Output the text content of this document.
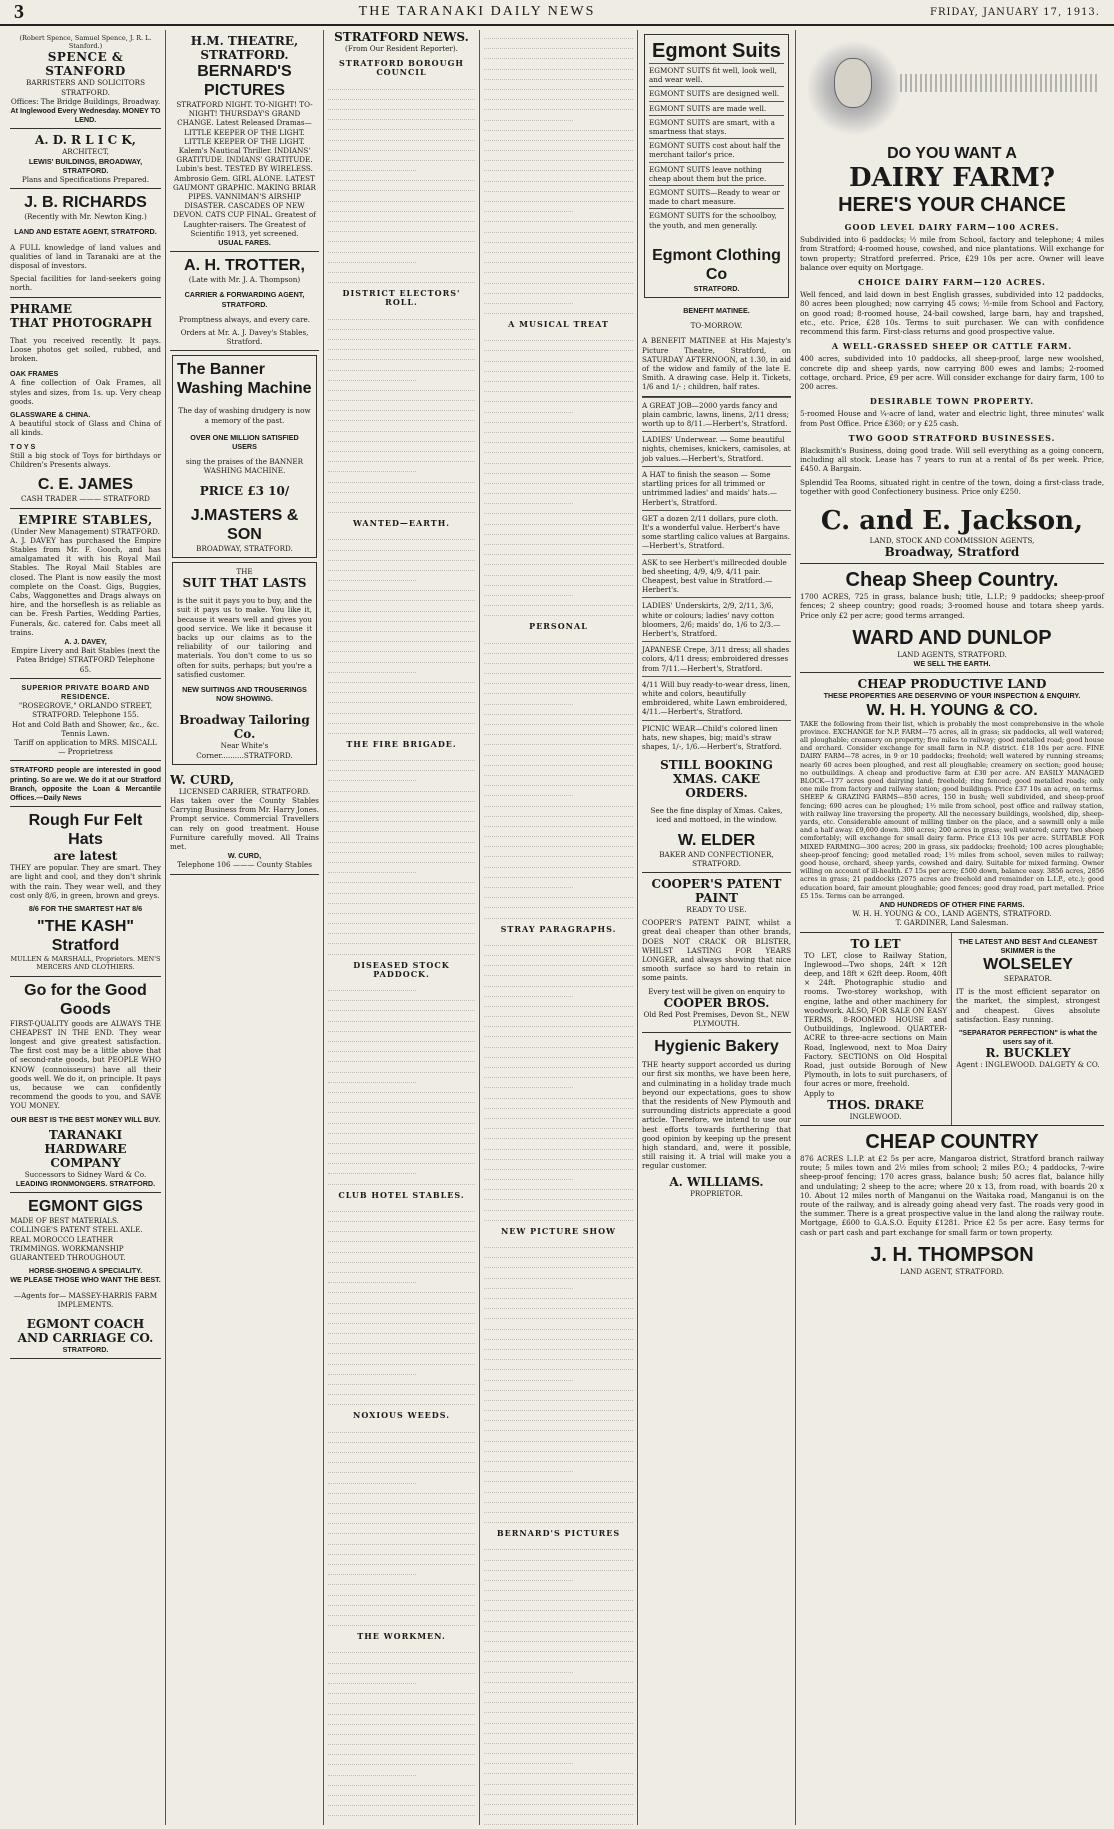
3	THE TARANAKI DAILY NEWS	FRIDAY, JANUARY 17, 1913.
(Robert Spence, Samuel Spence, J. R. L. Stanford.)
SPENCE & STANFORD
BARRISTERS AND SOLICITORS STRATFORD.
Offices: The Bridge Buildings, Broadway.
At Inglewood Every Wednesday. MONEY TO LEND.
A. D. R L I C K,
ARCHITECT,
LEWIS' BUILDINGS, BROADWAY, STRATFORD.
Plans and Specifications Prepared.
J. B. RICHARDS
(Recently with Mr. Newton King.)
LAND AND ESTATE AGENT, STRATFORD.
A FULL knowledge of land values and qualities of land in Taranaki are at the disposal of investors.
Special facilities for land-seekers going north.
PHRAME
THAT PHOTOGRAPH
That you received recently. It pays. Loose photos get soiled, rubbed, and broken.
OAK FRAMES
A fine collection of Oak Frames, all styles and sizes, from 1s. up. Very cheap goods.
GLASSWARE & CHINA.
A beautiful stock of Glass and China of all kinds.
T O Y S
Still a big stock of Toys for birthdays or Children's Presents always.
C. E. JAMES
CASH TRADER ——— STRATFORD
EMPIRE STABLES,
(Under New Management) STRATFORD.
A. J. DAVEY has purchased the Empire Stables from Mr. F. Gooch, and has amalgamated it with his Royal Mail Stables. The Royal Mail Stables are closed. The Plant is now easily the most complete on the Coast. Gigs, Buggies, Cabs, Waggonettes and Drags always on hire, and the horseflesh is as reliable as can be. Fresh Parties, Wedding Parties, Funerals, &c. catered for. Cabs meet all trains.
A. J. DAVEY,
Empire Livery and Bait Stables (next the Patea Bridge) STRATFORD Telephone 65.
SUPERIOR PRIVATE BOARD AND RESIDENCE.
"ROSEGROVE," ORLANDO STREET, STRATFORD. Telephone 155.
Hot and Cold Bath and Shower, &c., &c. Tennis Lawn.
Tariff on application to MRS. MISCALL — Proprietress
STRATFORD people are interested in good printing. So are we. We do it at our Stratford Branch, opposite the Loan & Mercantile Offices.—Daily News
Rough Fur Felt Hats
are latest
THEY are popular. They are smart. They are light and cool, and they don't shrink with the rain. They wear well, and they cost only 8/6, in green, brown and greys.
8/6 FOR THE SMARTEST HAT 8/6
"THE KASH" Stratford
MULLEN & MARSHALL, Proprietors. MEN'S MERCERS AND CLOTHIERS.
Go for the Good Goods
FIRST-QUALITY goods are ALWAYS THE CHEAPEST IN THE END. They wear longest and give greatest satisfaction. The first cost may be a little above that of second-rate goods, but PEOPLE WHO KNOW (connoisseurs) have all their goods well. We do it, on principle. It pays us, because we can confidently recommend the goods to you, and SAVE YOU MONEY.
OUR BEST IS THE BEST MONEY WILL BUY.
TARANAKI HARDWARE COMPANY
Successors to Sidney Ward & Co.
LEADING IRONMONGERS. STRATFORD.
EGMONT GIGS
MADE OF BEST MATERIALS. COLLINGE'S PATENT STEEL AXLE. REAL MOROCCO LEATHER TRIMMINGS. WORKMANSHIP GUARANTEED THROUGHOUT.
HORSE-SHOEING A SPECIALITY.
WE PLEASE THOSE WHO WANT THE BEST.
—Agents for— MASSEY-HARRIS FARM IMPLEMENTS.
EGMONT COACH AND CARRIAGE CO.
STRATFORD.
H.M. THEATRE, STRATFORD.
BERNARD'S PICTURES
STRATFORD NIGHT. TO-NIGHT! TO-NIGHT! THURSDAY'S GRAND CHANGE. Latest Released Dramas— LITTLE KEEPER OF THE LIGHT. LITTLE KEEPER OF THE LIGHT. Kalem's Nautical Thriller. INDIANS' GRATITUDE. INDIANS' GRATITUDE. Lubin's best. TESTED BY WIRELESS. Ambrosio Gem. GIRL ALONE. LATEST GAUMONT GRAPHIC. MAKING BRIAR PIPES. VANNIMAN'S AIRSHIP DISASTER. CASCADES OF NEW DEVON. CATS CUP FINAL. Greatest of Laughter-raisers. The Greatest of Scientific 1913, yet screened.
USUAL FARES.
A. H. TROTTER,
(Late with Mr. J. A. Thompson)
CARRIER & FORWARDING AGENT, STRATFORD.
Promptness always, and every care.
Orders at Mr. A. J. Davey's Stables, Stratford.
The Banner Washing Machine
The day of washing drudgery is now a memory of the past.
OVER ONE MILLION SATISFIED USERS
sing the praises of the BANNER WASHING MACHINE.
PRICE £3 10/
J.MASTERS & SON
BROADWAY, STRATFORD.
THE
SUIT THAT LASTS
is the suit it pays you to buy, and the suit it pays us to make. You like it, because it wears well and gives you good service. We like it because it backs up our claims as to the reliability of our tailoring and materials. You don't come to us so often for suits, perhaps; but you're a satisfied customer.
NEW SUITINGS AND TROUSERINGS NOW SHOWING.
Broadway Tailoring Co.
Near White's Corner..........STRATFORD.
W. CURD,
LICENSED CARRIER, STRATFORD.
Has taken over the County Stables Carrying Business from Mr. Harry Jones. Prompt service. Commercial Travellers can rely on good treatment. House Furniture carefully moved. All Trains met.
W. CURD,
Telephone 106 ——— County Stables
STRATFORD NEWS.
(From Our Resident Reporter).
STRATFORD BOROUGH COUNCIL
DISTRICT ELECTORS' ROLL.
WANTED—EARTH.
THE FIRE BRIGADE.
DISEASED STOCK PADDOCK.
CLUB HOTEL STABLES.
NOXIOUS WEEDS.
THE WORKMEN.
A MUSICAL TREAT
PERSONAL
STRAY PARAGRAPHS.
NEW PICTURE SHOW
BERNARD'S PICTURES
Egmont Suits
EGMONT SUITS fit well, look well, and wear well.
EGMONT SUITS are designed well.
EGMONT SUITS are made well.
EGMONT SUITS are smart, with a smartness that stays.
EGMONT SUITS cost about half the merchant tailor's price.
EGMONT SUITS leave nothing cheap about them but the price.
EGMONT SUITS—Ready to wear or made to chart measure.
EGMONT SUITS for the schoolboy, the youth, and men generally.
Egmont Clothing Co
STRATFORD.
BENEFIT MATINEE.
TO-MORROW.
A BENEFIT MATINEE at His Majesty's Picture Theatre, Stratford, on SATURDAY AFTERNOON, at 1.30, in aid of the widow and family of the late E. Smith. A drawing case. Help it. Tickets, 1/6 and 1/- ; children, half rates.
A GREAT JOB—2000 yards fancy and plain cambric, lawns, linens, 2/11 dress; worth up to 8/11.—Herbert's, Stratford.
LADIES' Underwear. — Some beautiful nights, chemises, knickers, camisoles, at job values.—Herbert's, Stratford.
A HAT to finish the season — Some startling prices for all trimmed or untrimmed ladies' and maids' hats.—Herbert's, Stratford.
GET a dozen 2/11 dollars, pure cloth. It's a wonderful value. Herbert's have some startling calico values at Bargains.—Herbert's, Stratford.
ASK to see Herbert's millrecded double bed sheeting, 4/9, 4/9, 4/11 pair. Cheapest, best value in Stratford.—Herbert's.
LADIES' Underskirts, 2/9, 2/11, 3/6, white or colours; ladies' navy cotton bloomers, 2/6; maids' do, 1/6 to 2/3.—Herbert's, Stratford.
JAPANESE Crepe, 3/11 dress; all shades colors, 4/11 dress; embroidered dresses from 7/11.—Herbert's, Stratford.
4/11 Will buy ready-to-wear dress, linen, white and colors, beautifully embroidered, white Lawn embroidered, 4/11.—Herbert's, Stratford.
PICNIC WEAR—Child's colored linen hats, new shapes, big; maid's straw shapes, 1/-, 1/6.—Herbert's, Stratford.
STILL BOOKING XMAS. CAKE ORDERS.
See the fine display of Xmas. Cakes, iced and mottoed, in the window.
W. ELDER
BAKER AND CONFECTIONER, STRATFORD.
COOPER'S PATENT PAINT
READY TO USE.
COOPER'S PATENT PAINT, whilst a great deal cheaper than other brands, DOES NOT CRACK OR BLISTER, WHILST LASTING FOR YEARS LONGER, and always showing that nice smooth surface so hard to retain in some paints.
Every test will be given on enquiry to
COOPER BROS.
Old Red Post Premises, Devon St., NEW PLYMOUTH.
Hygienic Bakery
THE hearty support accorded us during our first six months, we have been here, and culminating in a holiday trade much beyond our expectations, goes to show that the residents of New Plymouth and surrounding districts appreciate a good article. Therefore, we intend to use our best efforts towards furthering that good opinion by keeping up the present high standard, and, were it possible, still raising it. A trial will make you a regular customer.
A. WILLIAMS.
PROPRIETOR.
DO YOU WANT A
DAIRY FARM?
HERE'S YOUR CHANCE
GOOD LEVEL DAIRY FARM—100 ACRES.
Subdivided into 6 paddocks; ½ mile from School, factory and telephone; 4 miles from Stratford; 4-roomed house, cowshed, and nice plantations. Will exchange for town property; Stratford preferred. Price, £29 10s per acre. Owner will leave balance over equity on Mortgage.
CHOICE DAIRY FARM—120 ACRES.
Well fenced, and laid down in best English grasses, subdivided into 12 paddocks, 80 acres been ploughed; now carrying 45 cows; ½-mile from School and Factory, on good road; 8-roomed house, 24-bail cowshed, large barn, hay and trapshed, etc., etc. Price, £28 10s. Terms to suit purchaser. We can with confidence recommend this farm. First-class returns and good prospective value.
A WELL-GRASSED SHEEP OR CATTLE FARM.
400 acres, subdivided into 10 paddocks, all sheep-proof, large new woolshed, concrete dip and sheep yards, now carrying 800 ewes and lambs; 2-roomed cottage, orchard. Price, £9 per acre. Will consider exchange for dairy farm, 100 to 200 acres.
DESIRABLE TOWN PROPERTY.
5-roomed House and ¼-acre of land, water and electric light, three minutes' walk from Post Office. Price £360; or y £25 cash.
TWO GOOD STRATFORD BUSINESSES.
Blacksmith's Business, doing good trade. Will sell everything as a going concern, including all stock. Lease has 7 years to run at a rental of 8s per week. Price, £450. A Bargain.
Splendid Tea Rooms, situated right in centre of the town, doing a first-class trade, together with good Confectionery business. Price only £250.
C. and E. Jackson,
LAND, STOCK AND COMMISSION AGENTS,
Broadway, Stratford
Cheap Sheep Country.
1700 ACRES, 725 in grass, balance bush; title, L.I.P.; 9 paddocks; sheep-proof fences; 2 sheep country; good roads; 3-roomed house and totara sheep yards. Price only £2 per acre; good terms arranged.
WARD AND DUNLOP
LAND AGENTS, STRATFORD.
WE SELL THE EARTH.
CHEAP PRODUCTIVE LAND
THESE PROPERTIES ARE DESERVING OF YOUR INSPECTION & ENQUIRY.
W. H. H. YOUNG & CO.
TAKE the following from their list, which is probably the most comprehensive in the whole province. EXCHANGE for N.P. FARM—75 acres, all in grass; six paddocks, all well watered; all ploughable; creamery on property; five miles to railway; good metalled road; good house and orchard. Consider exchange for small farm in N.P. district. £18 10s per acre. FINE DAIRY FARM—78 acres, in 9 or 10 paddocks; freehold; well watered by running streams; nearly 60 acres been ploughed, and rest all ploughable; creamery on section; good house; no outbuildings. A cheap and productive farm at £30 per acre. AN EASILY MANAGED BLOCK—177 acres good dairying land; freehold; ring fenced; good metalled roads; only one mile from factory and railway station; good buildings. Price £37 10s an acre, on terms. SHEEP & GRAZING FARMS—850 acres, 150 in bush; well subdivided, and sheep-proof fencing; 690 acres can be ploughed; 1½ mile from school, post office and railway station, with railway line traversing the property. All the necessary buildings, woolshed, dip, sheep-yards, etc. Considerable amount of milling timber on the place, and a sawmill only a mile and a half away. £9,600 down. 300 acres; 200 acres in grass; well watered; carry two sheep comfortably; will exchange for small dairy farm. Price £13 10s per acre. SUITABLE FOR MIXED FARMING—300 acres; 200 in grass, six paddocks; freehold; 100 acres ploughable; sheep-proof fencing; good metalled road; 1½ miles from school, seven miles to railway; good house, orchard, sheep yards, cowshed and dairy. Suitable for mixed farming. Owner willing on account of ill-health. £7 15s per acre; £500 down, balance easy. 3856 acres, 2856 acres in grass; 21 paddocks (2075 acres are freehold and remainder on L.I.P., etc.); good education board, fair amount ploughable; good fences; good dray road, part metalled. Price £5 15s. Terms can be arranged.
AND HUNDREDS OF OTHER FINE FARMS.
W. H. H. YOUNG & CO., LAND AGENTS, STRATFORD.
T. GARDINER, Land Salesman.
TO LET
TO LET, close to Railway Station, Inglewood—Two shops, 24ft × 12ft deep, and 18ft × 62ft deep. Room, 40ft × 24ft. Photographic studio and rooms. Two-storey workshop, with engine, lathe and other machinery for woodwork. ALSO, FOR SALE ON EASY TERMS, 8-ROOMED HOUSE and Outbuildings, Inglewood. QUARTER-ACRE to three-acre sections on Main Road, Inglewood, next to Moa Dairy Factory. SECTIONS on Old Hospital Road, just outside Borough of New Plymouth, in lots to suit purchasers, of four acres or more, freehold.
Apply to
THOS. DRAKE
INGLEWOOD.
THE LATEST AND BEST And CLEANEST SKIMMER is the
WOLSELEY
SEPARATOR.
IT is the most efficient separator on the market, the simplest, strongest and cheapest. Gives absolute satisfaction. Easy running.
"SEPARATOR PERFECTION" is what the users say of it.
R. BUCKLEY
Agent : INGLEWOOD. DALGETY & CO.
CHEAP COUNTRY
876 ACRES L.I.P. at £2 5s per acre, Mangaroa district, Stratford branch railway route; 5 miles town and 2½ miles from school; 2 miles P.O.; 4 paddocks, 7-wire sheep-proof fencing; 170 acres grass, balance bush; 50 acres flat, balance hilly and undulating; 2 sheep to the acre; where 20 x 13, from road, with boards 20 x 10. About 12 miles north of Manganui on the Waitaka road, Manganui is on the route of the railway, and is already going ahead very fast. The roads very good in the summer. There is a great prospective value in the land along the railway route. Mortgage, £600 to G.A.S.O. Equity £1281. Price £2 5s per acre. Easy terms for cash or part cash and part exchange for small farm or town property.
J. H. THOMPSON
LAND AGENT, STRATFORD.
